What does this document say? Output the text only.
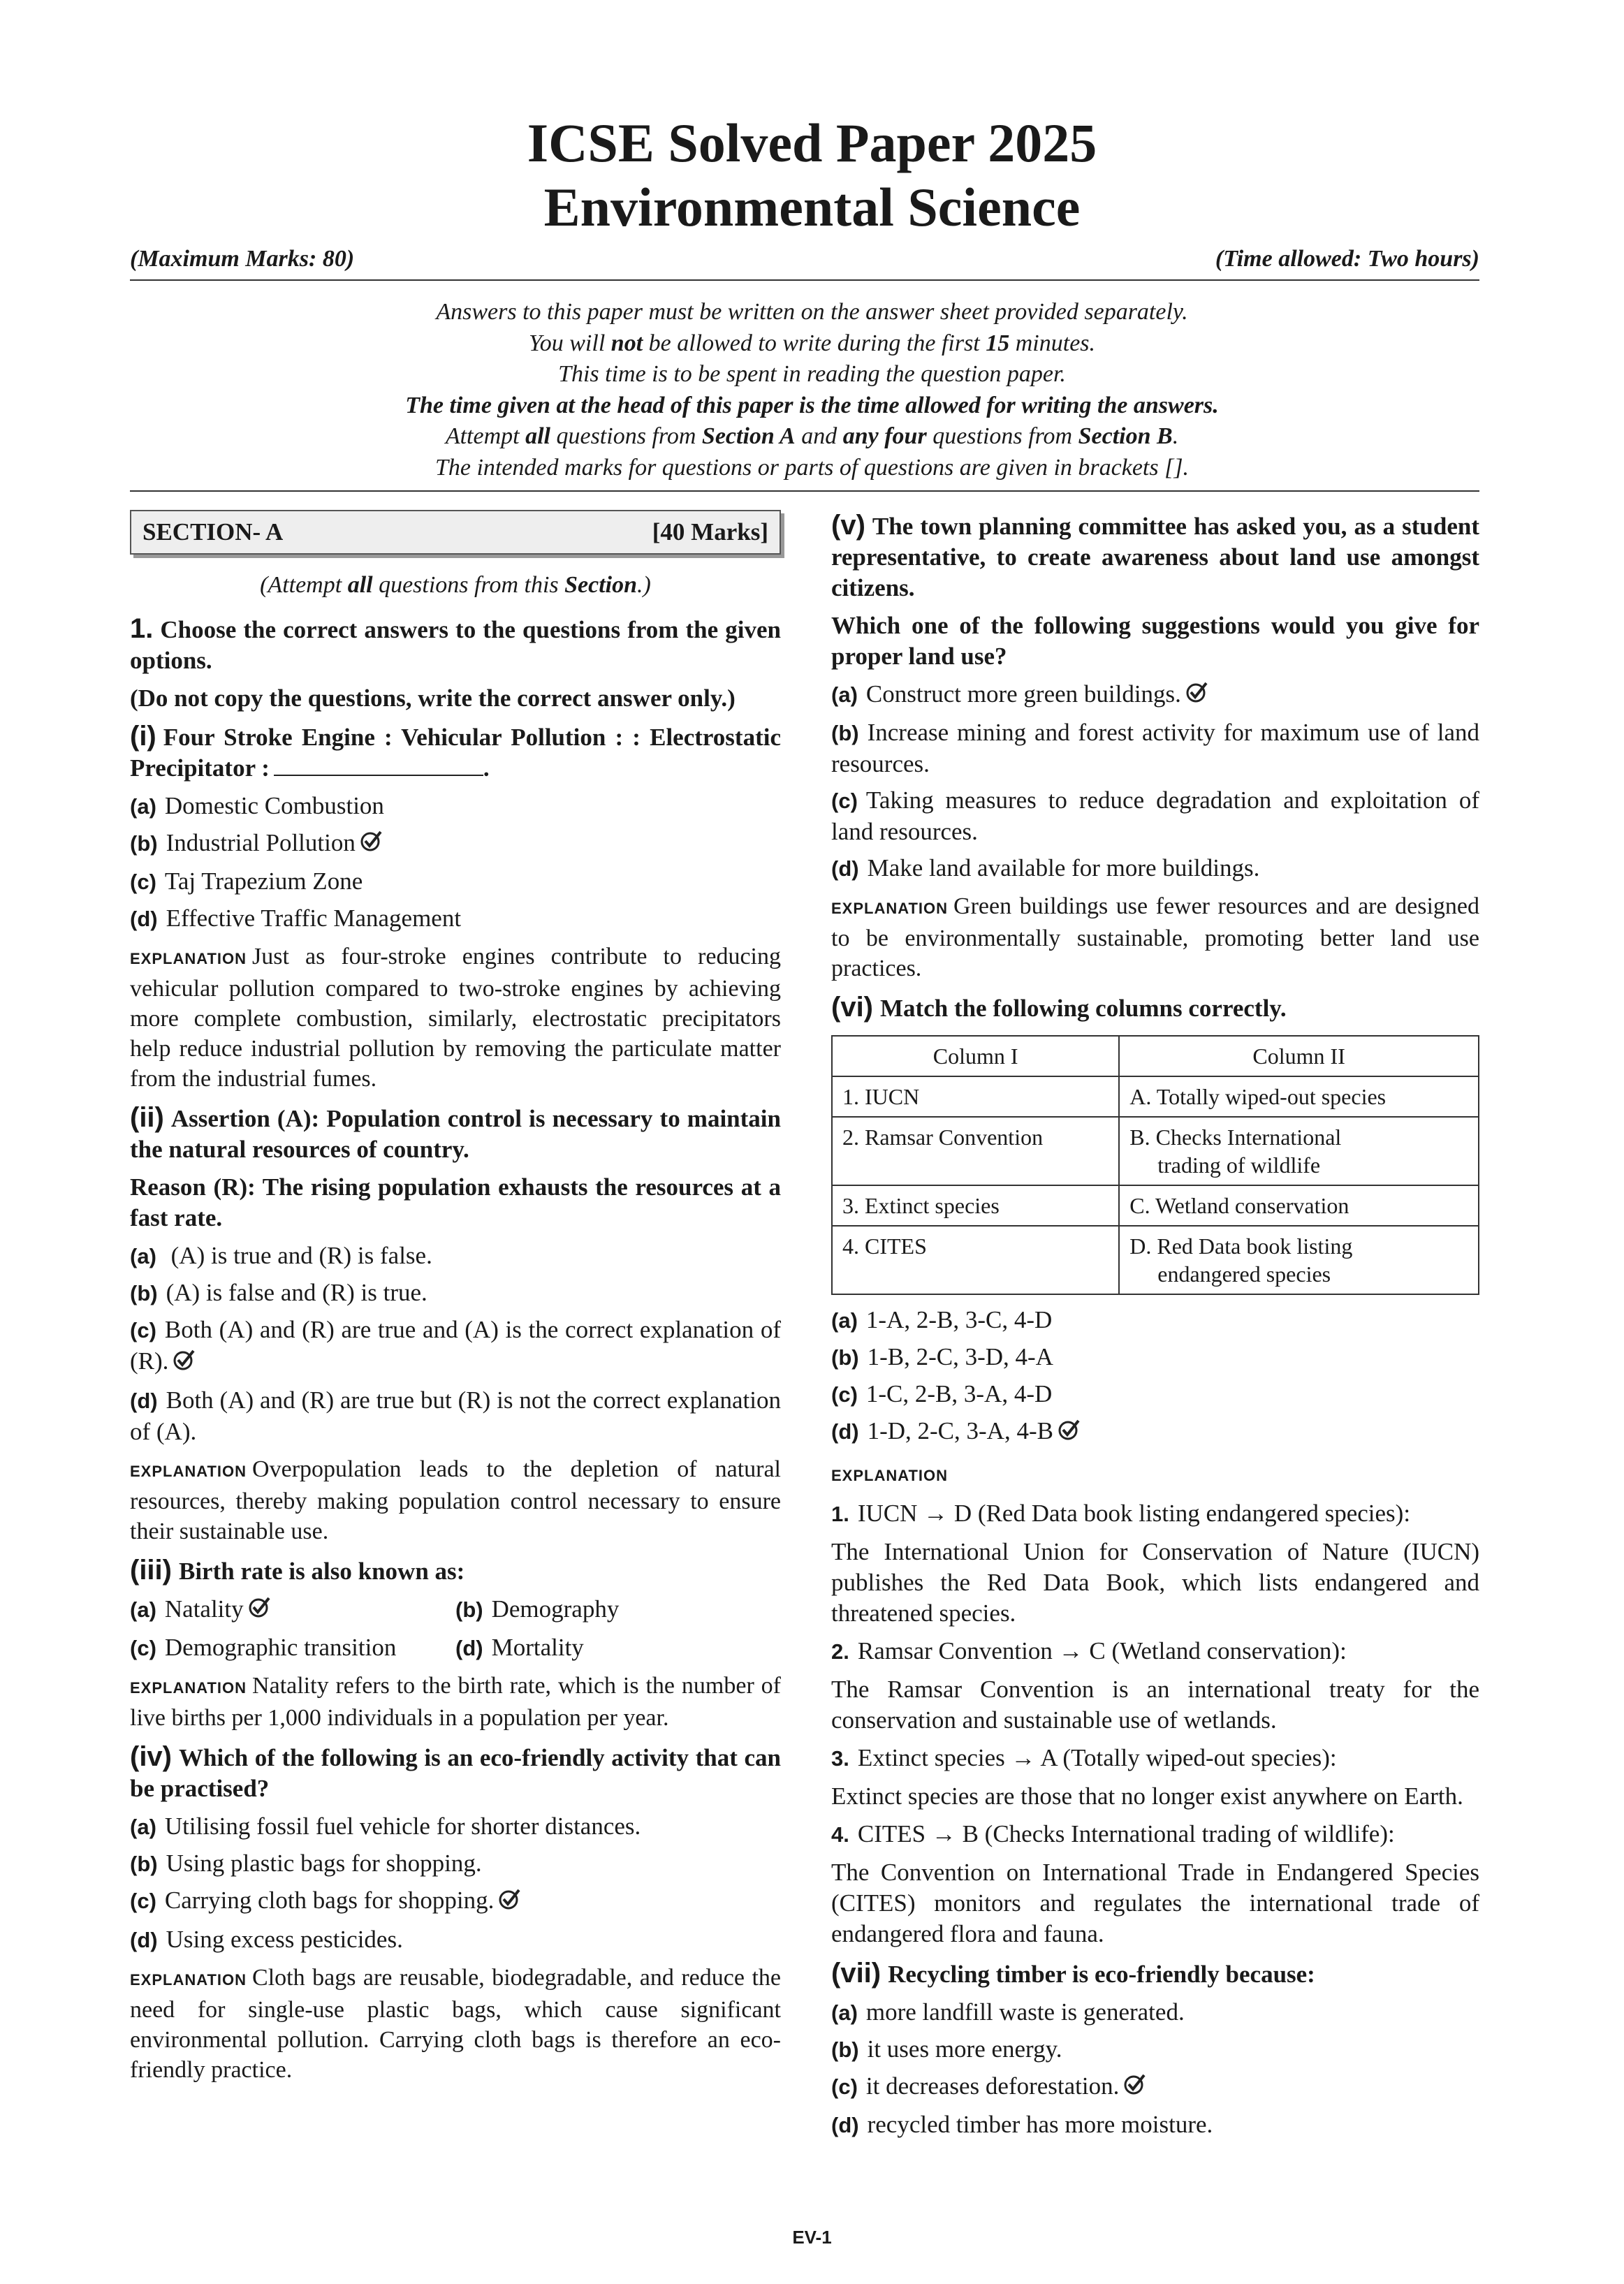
ICSE Solved Paper 2025
Environmental Science
(Maximum Marks: 80)	(Time allowed: Two hours)
Answers to this paper must be written on the answer sheet provided separately.
You will not be allowed to write during the first 15 minutes.
This time is to be spent in reading the question paper.
The time given at the head of this paper is the time allowed for writing the answers.
Attempt all questions from Section A and any four questions from Section B.
The intended marks for questions or parts of questions are given in brackets [].
SECTION- A	[40 Marks]
(Attempt all questions from this Section.)
1. Choose the correct answers to the questions from the given options.
(Do not copy the questions, write the correct answer only.)
(i) Four Stroke Engine : Vehicular Pollution : : Electrostatic Precipitator :	.
(a) Domestic Combustion
(b) Industrial Pollution
(c) Taj Trapezium Zone
(d) Effective Traffic Management
EXPLANATION Just as four-stroke engines contribute to reducing vehicular pollution compared to two-stroke engines by achieving more complete combustion, similarly, electrostatic precipitators help reduce industrial pollution by removing the particulate matter from the industrial fumes.
(ii) Assertion (A): Population control is necessary to maintain the natural resources of country.
Reason (R): The rising population exhausts the resources at a fast rate.
(a) (A) is true and (R) is false.
(b) (A) is false and (R) is true.
(c) Both (A) and (R) are true and (A) is the correct explanation of (R).
(d) Both (A) and (R) are true but (R) is not the correct explanation of (A).
EXPLANATION Overpopulation leads to the depletion of natural resources, thereby making population control necessary to ensure their sustainable use.
(iii) Birth rate is also known as:
(a) Natality	(b) Demography
(c) Demographic transition	(d) Mortality
EXPLANATION Natality refers to the birth rate, which is the number of live births per 1,000 individuals in a population per year.
(iv) Which of the following is an eco-friendly activity that can be practised?
(a) Utilising fossil fuel vehicle for shorter distances.
(b) Using plastic bags for shopping.
(c) Carrying cloth bags for shopping.
(d) Using excess pesticides.
EXPLANATION Cloth bags are reusable, biodegradable, and reduce the need for single-use plastic bags, which cause significant environmental pollution. Carrying cloth bags is therefore an eco-friendly practice.
(v) The town planning committee has asked you, as a student representative, to create awareness about land use amongst citizens.
Which one of the following suggestions would you give for proper land use?
(a) Construct more green buildings.
(b) Increase mining and forest activity for maximum use of land resources.
(c) Taking measures to reduce degradation and exploitation of land resources.
(d) Make land available for more buildings.
EXPLANATION Green buildings use fewer resources and are designed to be environmentally sustainable, promoting better land use practices.
(vi) Match the following columns correctly.
Column I	Column II
1. IUCN	A. Totally wiped-out species
2. Ramsar Convention	B. Checks International
trading of wildlife

3. Extinct species	C. Wetland conservation
4. CITES	D. Red Data book listing
endangered species
(a) 1-A, 2-B, 3-C, 4-D
(b) 1-B, 2-C, 3-D, 4-A
(c) 1-C, 2-B, 3-A, 4-D
(d) 1-D, 2-C, 3-A, 4-B
EXPLANATION
1. IUCN → D (Red Data book listing endangered species):
The International Union for Conservation of Nature (IUCN) publishes the Red Data Book, which lists endangered and threatened species.
2. Ramsar Convention → C (Wetland conservation):
The Ramsar Convention is an international treaty for the conservation and sustainable use of wetlands.
3. Extinct species → A (Totally wiped-out species):
Extinct species are those that no longer exist anywhere on Earth.
4. CITES → B (Checks International trading of wildlife):
The Convention on International Trade in Endangered Species (CITES) monitors and regulates the international trade of endangered flora and fauna.
(vii) Recycling timber is eco-friendly because:
(a) more landfill waste is generated.
(b) it uses more energy.
(c) it decreases deforestation.
(d) recycled timber has more moisture.
EV-1
